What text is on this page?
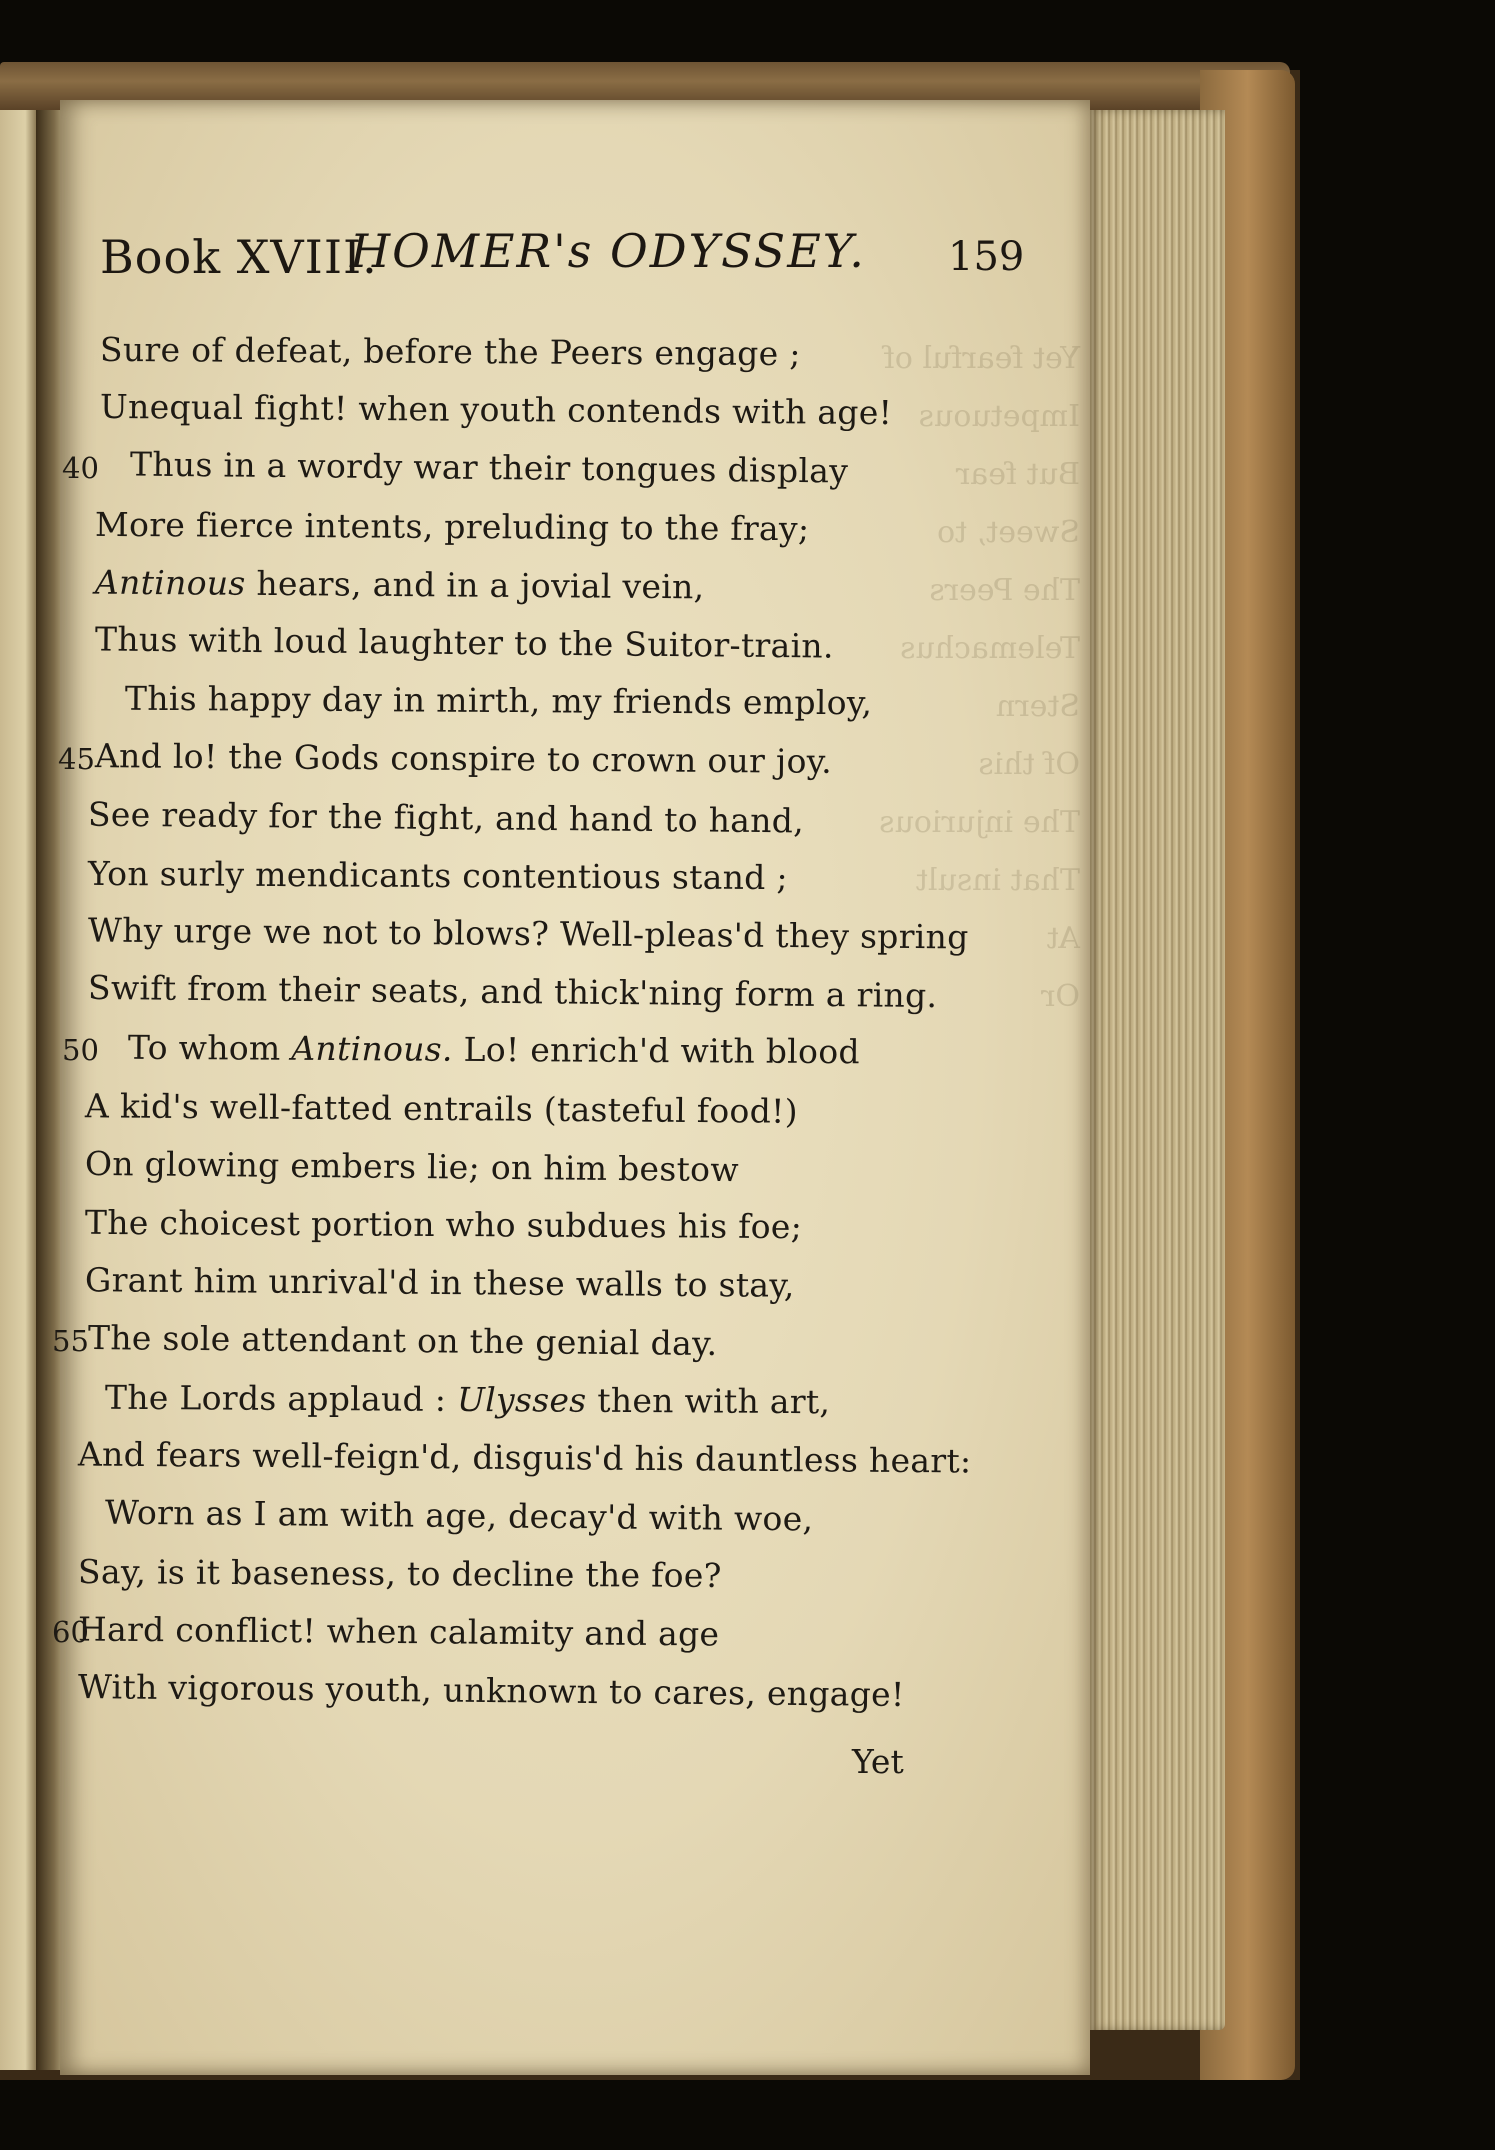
Yet fearful of
Impetuous
But fear
Sweet, to
The Peers
Telemachus
Stern
Of this
The injurious
That insult
At
Or
Book XVIII.
HOMER's ODYSSEY. 159
Sure of defeat, before the Peers engage ;
Unequal fight! when youth contends with age!
40 Thus in a wordy war their tongues display
More fierce intents, preluding to the fray;
Antinous hears, and in a jovial vein,
Thus with loud laughter to the Suitor-train.
This happy day in mirth, my friends employ,
45 And lo! the Gods conspire to crown our joy.
See ready for the fight, and hand to hand,
Yon surly mendicants contentious stand ;
Why urge we not to blows? Well-pleas'd they spring
Swift from their seats, and thick'ning form a ring.
50 To whom Antinous. Lo! enrich'd with blood
A kid's well-fatted entrails (tasteful food!)
On glowing embers lie; on him bestow
The choicest portion who subdues his foe;
Grant him unrival'd in these walls to stay,
55
The sole attendant on the genial day.
The Lords applaud : Ulysses then with art,
And fears well-feign'd, disguis'd his dauntless heart:
Worn as I am with age, decay'd with woe,
Say, is it baseness, to decline the foe?
60
Hard conflict! when calamity and age
With vigorous youth, unknown to cares, engage!
Yet
